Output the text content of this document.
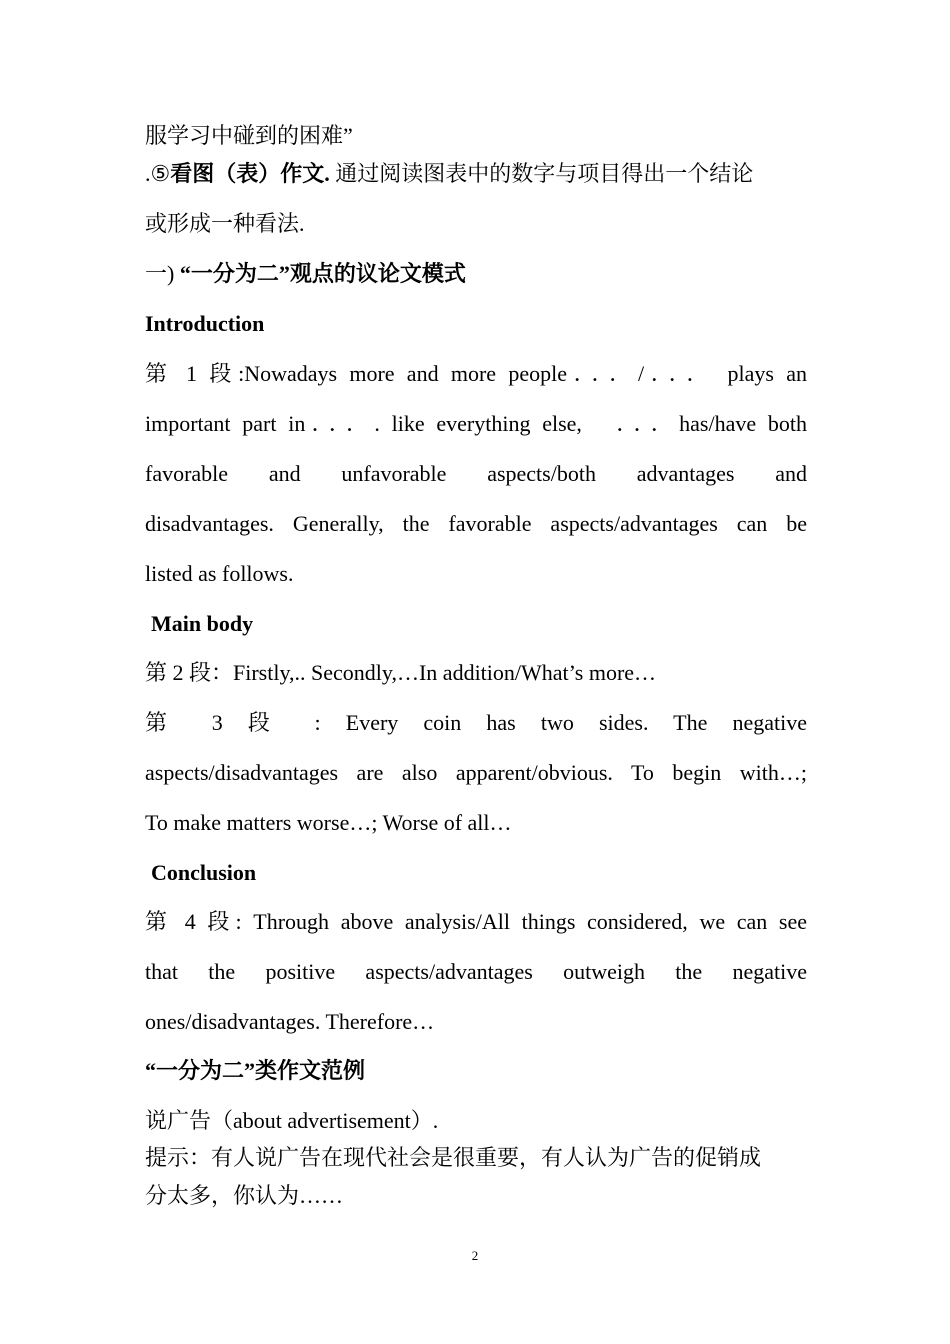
服学习中碰到的困难”

.⑤看图（表）作文. 通过阅读图表中的数字与项目得出一个结论

或形成一种看法.

一) “一分为二”观点的议论文模式

Introduction

第 1 段:Nowadays more and more people．．．/．．． plays an

important part in．．．. like everything else,　．．．has/have both

favorable and unfavorable aspects/both advantages and

disadvantages. Generally, the favorable aspects/advantages can be

listed as follows.

Main body

第 2 段：Firstly,.. Secondly,…In addition/What’s more…

第 3 段 : Every coin has two sides. The negative

aspects/disadvantages are also apparent/obvious. To begin with…;

To make matters worse…; Worse of all…

Conclusion

第 4 段: Through above analysis/All things considered, we can see

that the positive aspects/advantages outweigh the negative

ones/disadvantages. Therefore…

“一分为二”类作文范例

说广告（about advertisement）.

提示：有人说广告在现代社会是很重要，有人认为广告的促销成

分太多，你认为……

2
